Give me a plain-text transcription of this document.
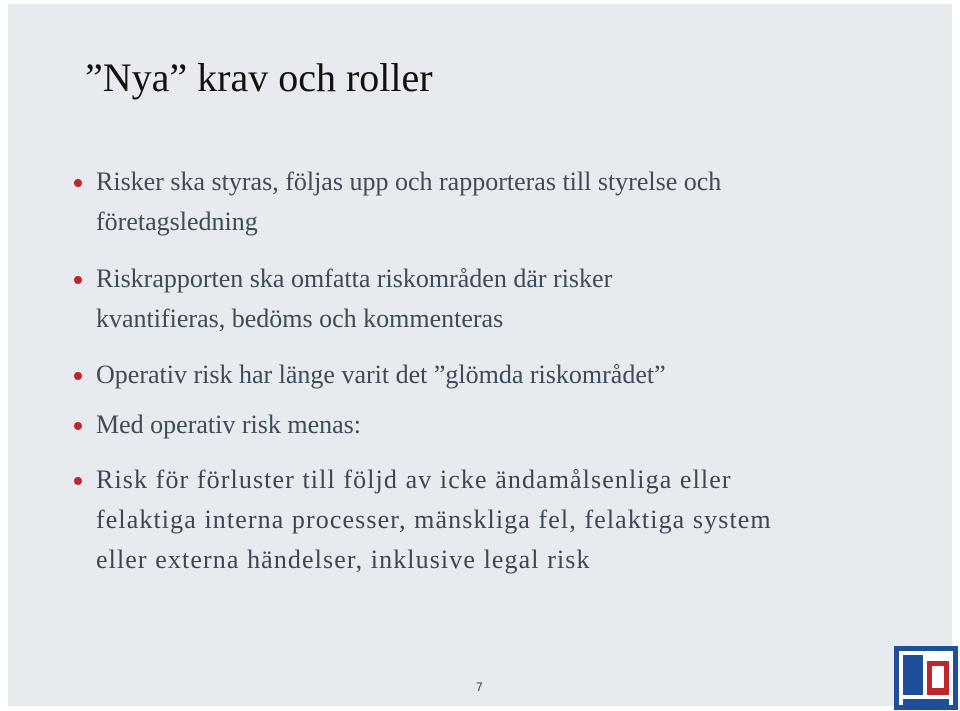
”Nya” krav och roller
Risker ska styras, följas upp och rapporteras till styrelse och
företagsledning
Riskrapporten ska omfatta riskområden där risker
kvantifieras, bedöms och kommenteras
Operativ risk har länge varit det ”glömda riskområdet”
Med operativ risk menas:
Risk för förluster till följd av icke ändamålsenliga eller
felaktiga interna processer, mänskliga fel, felaktiga system
eller externa händelser, inklusive legal risk
7
